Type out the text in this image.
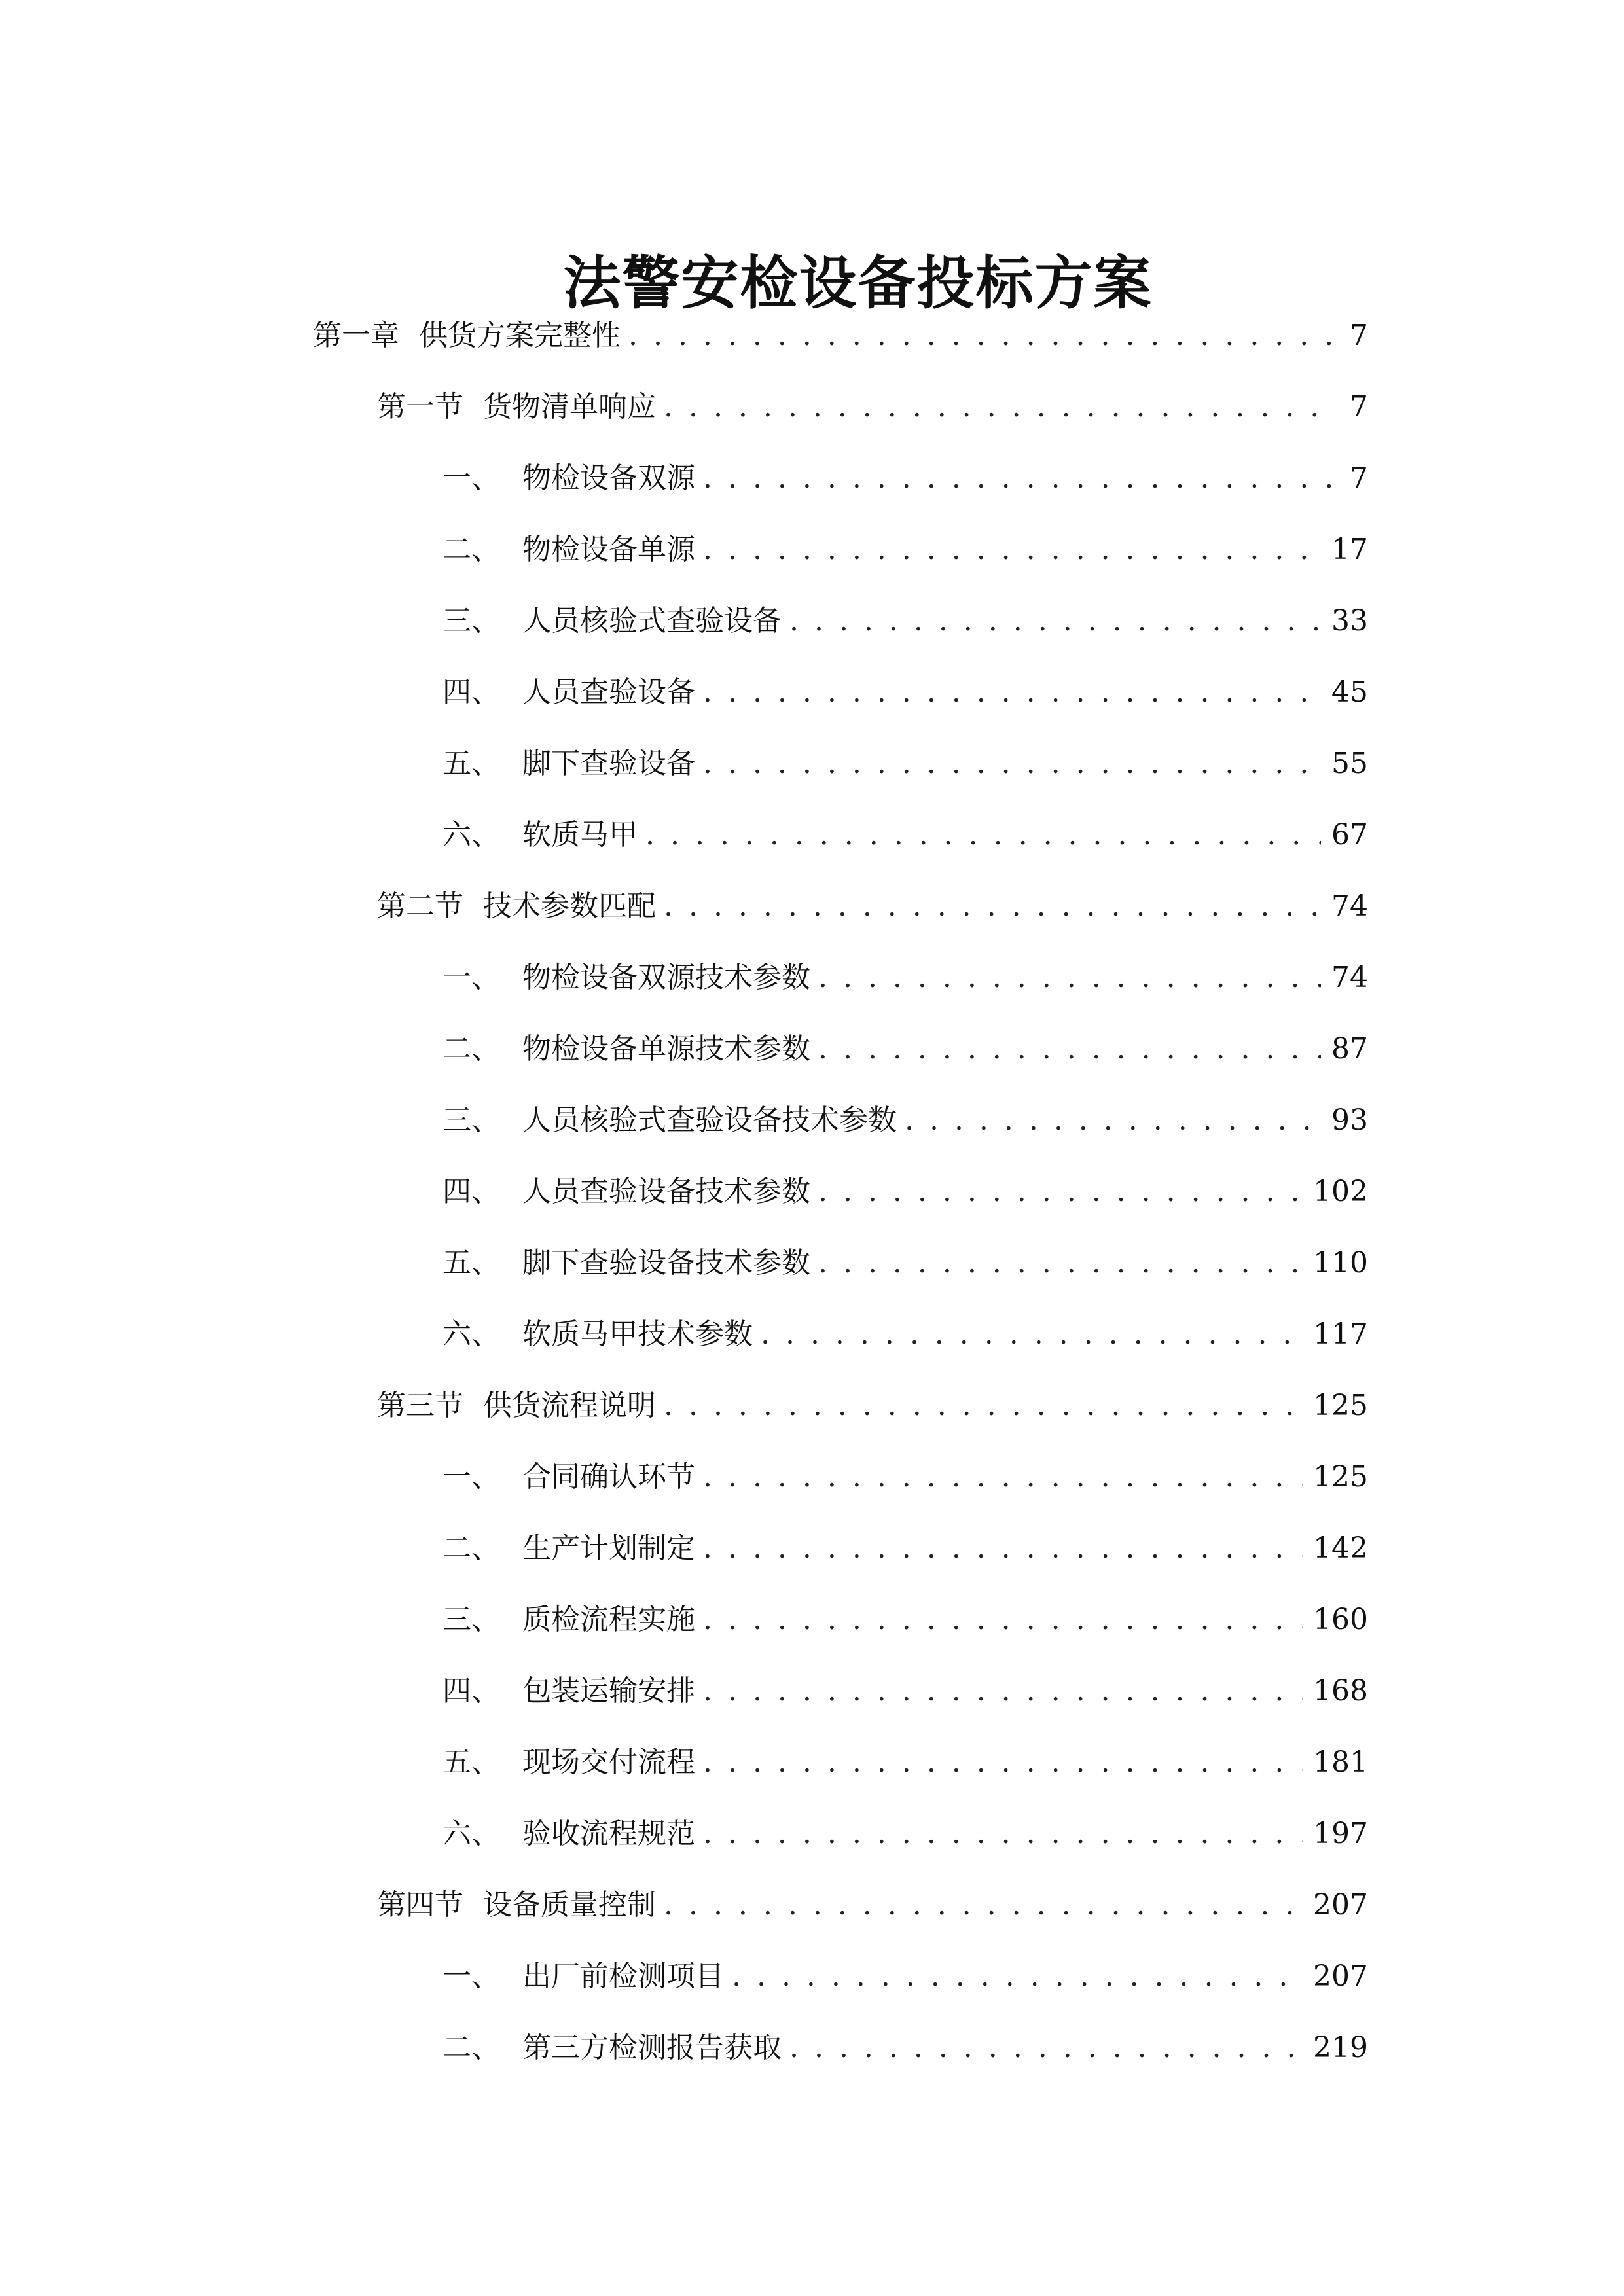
法警安检设备投标方案
第一章 供货方案完整性 . . .	7
第一节 货物清单响应 . . .	7
一、 物检设备双源 . . .	7
二、 物检设备单源 . . .	17
三、 人员核验式查验设备 . . .	33
四、 人员查验设备 . . .	45
五、 脚下查验设备 . . .	55
六、 软质马甲 . . .	67
第二节 技术参数匹配 . . .	74
一、 物检设备双源技术参数 . . .	74
二、 物检设备单源技术参数 . . .	87
三、 人员核验式查验设备技术参数 . . .	93
四、 人员查验设备技术参数 . . .	102
五、 脚下查验设备技术参数 . . .	110
六、 软质马甲技术参数 . . .	117
第三节 供货流程说明 . . .	125
一、 合同确认环节 . . .	125
二、 生产计划制定 . . .	142
三、 质检流程实施 . . .	160
四、 包装运输安排 . . .	168
五、 现场交付流程 . . .	181
六、 验收流程规范 . . .	197
第四节 设备质量控制 . . .	207
一、 出厂前检测项目 . . .	207
二、 第三方检测报告获取 . . .	219
